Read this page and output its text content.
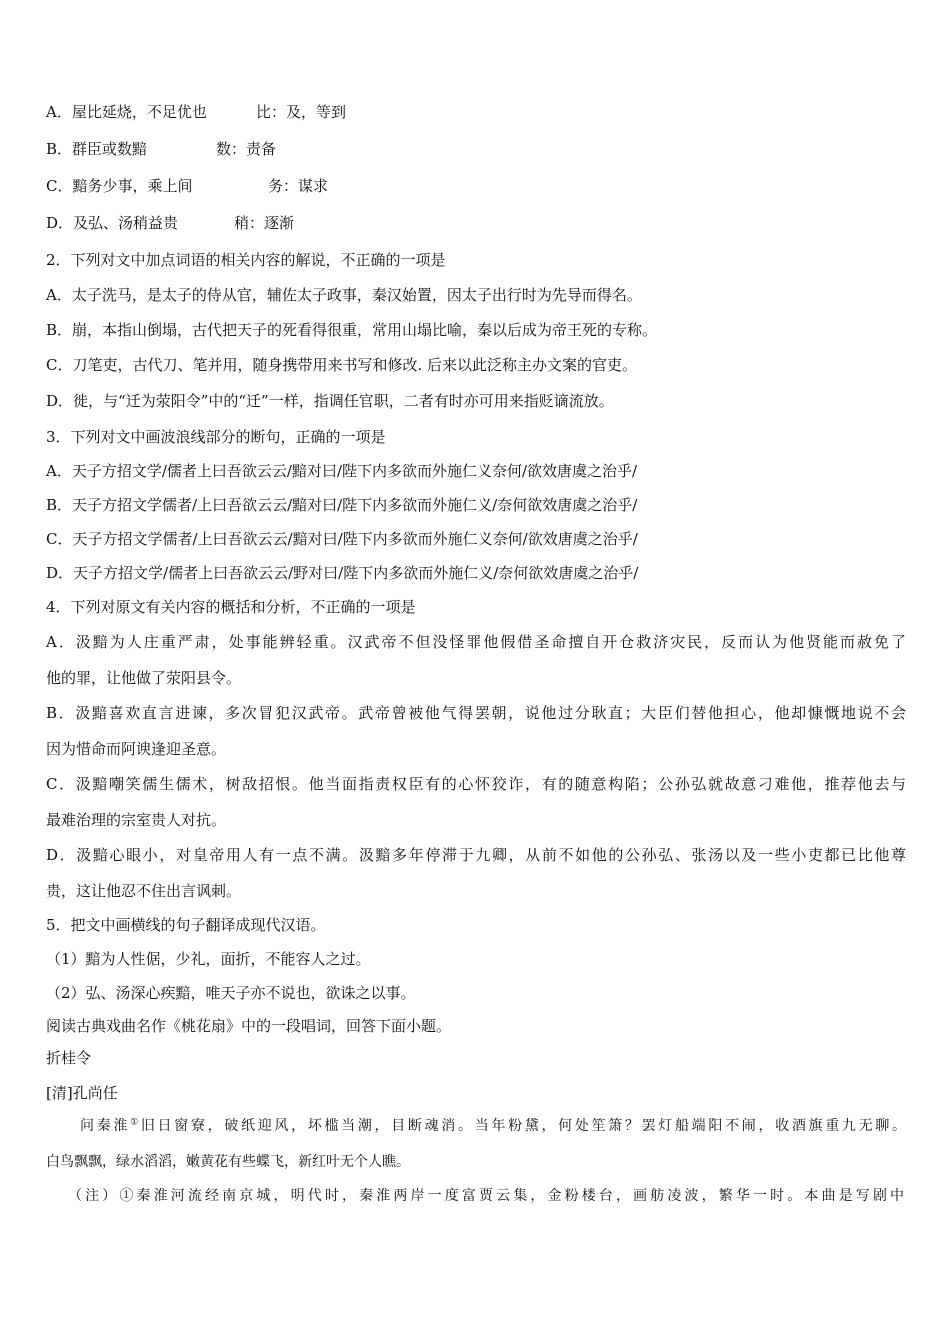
A．屋比延烧，不足优也	比：及，等到
B．群臣或数黯	数：责备
C．黯务少事，乘上间	务：谋求
D．及弘、汤稍益贵	稍：逐渐
2．下列对文中加点词语的相关内容的解说，不正确的一项是
A．太子洗马，是太子的侍从官，辅佐太子政事，秦汉始置，因太子出行时为先导而得名。
B．崩，本指山倒塌，古代把天子的死看得很重，常用山塌比喻，秦以后成为帝王死的专称。
C．刀笔吏，古代刀、笔并用，随身携带用来书写和修改. 后来以此泛称主办文案的官吏。
D．徙，与“迁为荥阳令”中的“迁”一样，指调任官职，二者有时亦可用来指贬谪流放。
3．下列对文中画波浪线部分的断句，正确的一项是
A．天子方招文学/儒者上曰吾欲云云/黯对曰/陛下内多欲而外施仁义奈何/欲效唐虞之治乎/
B．天子方招文学儒者/上曰吾欲云云/黯对曰/陛下内多欲而外施仁义/奈何欲效唐虞之治乎/
C．天子方招文学儒者/上曰吾欲云云/黯对曰/陛下内多欲而外施仁义奈何/欲效唐虞之治乎/
D．天子方招文学/儒者上曰吾欲云云/野对曰/陛下内多欲而外施仁义/奈何欲效唐虞之治乎/
4．下列对原文有关内容的概括和分析，不正确的一项是
A．汲黯为人庄重严肃，处事能辨轻重。汉武帝不但没怪罪他假借圣命擅自开仓救济灾民，反而认为他贤能而赦免了
他的罪，让他做了荥阳县令。
B．汲黯喜欢直言进谏，多次冒犯汉武帝。武帝曾被他气得罢朝，说他过分耿直；大臣们替他担心，他却慷慨地说不会
因为惜命而阿谀逢迎圣意。
C．汲黯嘲笑儒生儒术，树敌招恨。他当面指责权臣有的心怀狡诈，有的随意构陷；公孙弘就故意刁难他，推荐他去与
最难治理的宗室贵人对抗。
D．汲黯心眼小，对皇帝用人有一点不满。汲黯多年停滞于九卿，从前不如他的公孙弘、张汤以及一些小吏都已比他尊
贵，这让他忍不住出言讽刺。
5．把文中画横线的句子翻译成现代汉语。
（1）黯为人性倨，少礼，面折，不能容人之过。
（2）弘、汤深心疾黯，唯天子亦不说也，欲诛之以事。
阅读古典戏曲名作《桃花扇》中的一段唱词，回答下面小题。
折桂令
[清]孔尚任
问秦淮①旧日窗寮，破纸迎风，坏槛当潮，目断魂消。当年粉黛，何处笙箫？罢灯船端阳不闹，收酒旗重九无聊。
白鸟飘飘，绿水滔滔，嫩黄花有些蝶飞，新红叶无个人瞧。
（注）①秦淮河流经南京城，明代时，秦淮两岸一度富贾云集，金粉楼台，画舫凌波，繁华一时。本曲是写剧中
